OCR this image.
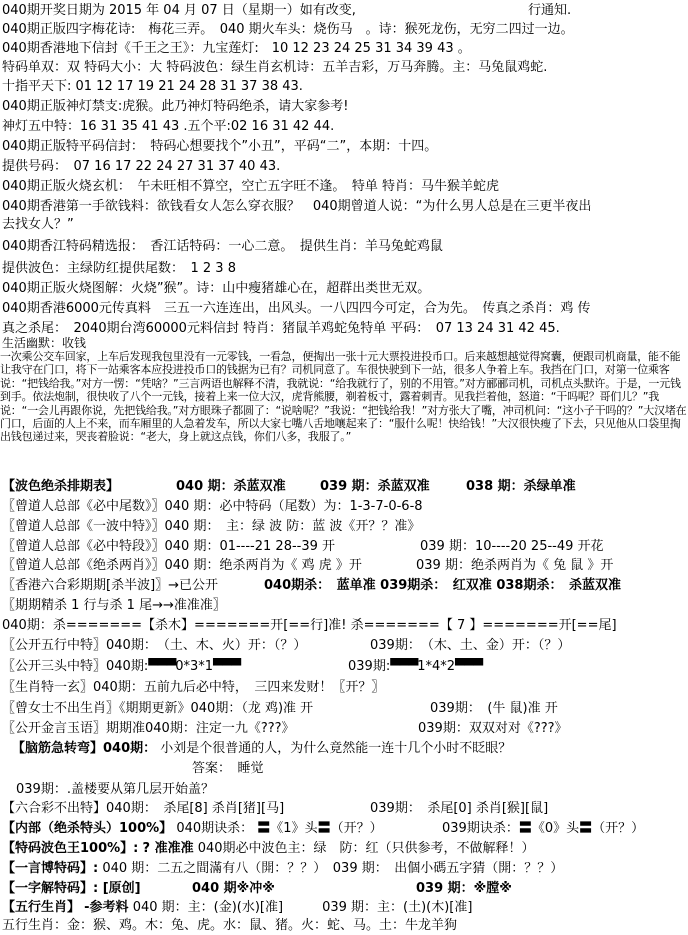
040期开奖日期为 2015 年 04 月 07 日（星期一）如有改变,	行通知.
040期正版四字梅花诗:　梅花三弄。　040 期火车头：烧伤马　。诗：猴死龙伤，无穷二四过一边。
040期香港地下信封《千王之王》：九宝莲灯:　10 12 23 24 25 31 34 39 43 。
特码单双：双 特码大小：大 特码波色：绿生肖玄机诗：五羊吉彩，万马奔腾。主：马兔鼠鸡蛇.
十指平天下: 01 12 17 19 21 24 28 31 37 38 43.
040期正版神灯禁支:虎猴。此乃神灯特码绝杀，请大家参考!
神灯五中特：16 31 35 41 43 .五个平:02 16 31 42 44.
040期正版特平码信封：　特码心想要找个”小丑”，平码“二”，本期：十四。
提供号码：　07 16 17 22 24 27 31 37 40 43.
040期正版火烧玄机：　午未旺相不算空，空亡五字旺不逢。　特单 特肖：马牛猴羊蛇虎
040期香港第一手欲钱料：欲钱看女人怎么穿衣服？　040期曾道人说：“为什么男人总是在三更半夜出
去找女人？”
040期香江特码精选报：　香江话特码：一心二意。　提供生肖：羊马兔蛇鸡鼠
提供波色：主绿防红提供尾数：　1 2 3 8
040期正版火烧图解：火烧”猴”。诗：山中瘦猪雄心在，超群出类世无双。
040期香港6000元传真料　三五一六连连出，出风头。一八四四今可定，合为先。　传真之杀肖：鸡 传
真之杀尾：　2040期台湾60000元料信封 特肖：猪鼠羊鸡蛇兔特单 平码：　07 13 24 31 42 45.
生活幽默：收钱

一次乘公交车回家，上车后发现我包里没有一元零钱，一看急，便掏出一张十元大票投进投币口。后来越想越觉得窝囊，便跟司机商量，能不能让我守在门口，将下一站乘客本应投进投币口的钱据为已有？司机同意了。车很快驶到下一站，很多人争着上车。我挡在门口，对第一位乘客说：“把钱给我。”对方一愣：“凭啥？”三言两语也解释不清，我就说：“给我就行了，别的不用管。”对方郦郦司机，司机点头默许。于是，一元钱到手。依法炮制，很快收了八个一元钱，接着上来一位大汉，虎背熊腰，剃着板寸，露着刺青。见我拦着他，怒道：“干吗呢？哥们儿？”我说：“一会儿再跟你说，先把钱给我。”对方眼珠子都圆了：“说啥呢？”我说：“把钱给我！”对方张大了嘴，冲司机问：“这小子干吗的？”大汉堵在门口，后面的人上不来，而车厢里的人急着发车，所以大家七嘴八舌地嚷起来了：“服什么呢！快给钱！”大汉很快瘦了下去，只见他从口袋里掏出钱包递过来，哭丧着脸说：“老大，身上就这点钱，你们八多，我服了。”

【波色绝杀排期表】	040 期：杀蓝双准	039 期：杀蓝双准	038 期：杀绿单准
〖曾道人总部《必中尾数》〗040 期：必中特码（尾数）为：1-3-7-0-6-8
〖曾道人总部《一波中特》〗040 期：　主：绿 波 防：蓝 波《开？？准》
〖曾道人总部《必中特段》〗040 期：01----21 28--39 开	039 期：10----20 25--49 开花
〖曾道人总部《绝杀两肖》〗040 期：绝杀两肖为《 鸡 虎 》开	039 期：绝杀两肖为《 兔 鼠 》开
〖香港六合彩期期[杀半波]〗→已公开	040期杀：　蓝单准 039期杀：　红双准 038期杀：　杀蓝双准
〖期期精杀 1 行与杀 1 尾→→准准准〗
040期：杀=======【杀木】=======开[==行]准! 杀=======【 7 】=======开[==尾]
〖公开五行中特〗040期：　（土、木、火）开：（？）	039期：　（木、土、金）开：（？）
〖公开三头中特〗040期:▀▀▀0*3*1▀▀▀	039期:▀▀▀1*4*2▀▀▀
〖生肖特一玄〗040期：五前九后必中特，　三四来发财！〖开？〗
〖曾女士不出生肖〗《期期更新》040期：（龙 鸡)准 开	039期：　(牛 鼠)准 开
〖公开金言玉语〗期期准040期：注定一九《???》	039期：双双对对《???》
【脑筋急转弯】040期： 小刘是个很普通的人，为什么竟然能一连十几个小时不眨眼？
答案：　睡觉
039期：.盖楼要从第几层开始盖？
【六合彩不出特】040期：　杀尾[8] 杀肖[猪][马]	039期：　杀尾[0] 杀肖[猴][鼠]
【内部（绝杀特头）100%】 040期诀杀： 〓《1》头〓（开？）	039期诀杀：〓《0》头〓（开？）
【特码波色王100%】: ? 准准准 040期必中波色主：绿　防：红（只供参考，不做解释！）
【一言博特码】: 040 期：二五之間滿有八（開：？？）　039 期：　出個小碼五字猜（開：？？）
【一字解特码】: [原创]	040 期※冲※	039 期：※膛※
【五行生肖】 -参考料 040 期：主：(金)(水)[准]　　　039 期：主：(土)(木)[准]
五行生肖：金：猴、鸡。木：兔、虎。水：鼠、猪。火：蛇、马。土：牛龙羊狗
